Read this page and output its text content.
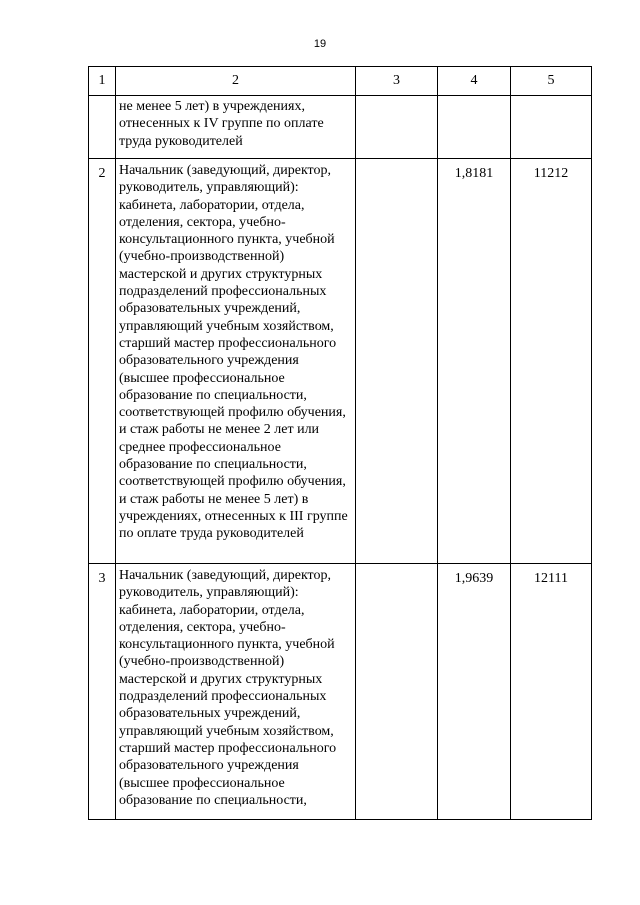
19
1	2	3	4	5
	не менее 5 лет) в учреждениях, отнесенных к IV группе по оплате труда руководителей			
2	Начальник (заведующий, директор, руководитель, управляющий): кабинета, лаборатории, отдела, отделения, сектора, учебно-консультационного пункта, учебной (учебно-производственной) мастерской и других структурных подразделений профессиональных образовательных учреждений, управляющий учебным хозяйством, старший мастер профессионального образовательного учреждения (высшее профессиональное образование по специальности, соответствующей профилю обучения, и стаж работы не менее 2 лет или среднее профессиональное образование по специальности, соответствующей профилю обучения, и стаж работы не менее 5 лет) в учреждениях, отнесенных к III группе по оплате труда руководителей		1,8181	11212
3	Начальник (заведующий, директор, руководитель, управляющий): кабинета, лаборатории, отдела, отделения, сектора, учебно-консультационного пункта, учебной (учебно-производственной) мастерской и других структурных подразделений профессиональных образовательных учреждений, управляющий учебным хозяйством, старший мастер профессионального образовательного учреждения (высшее профессиональное образование по специальности,		1,9639	12111
